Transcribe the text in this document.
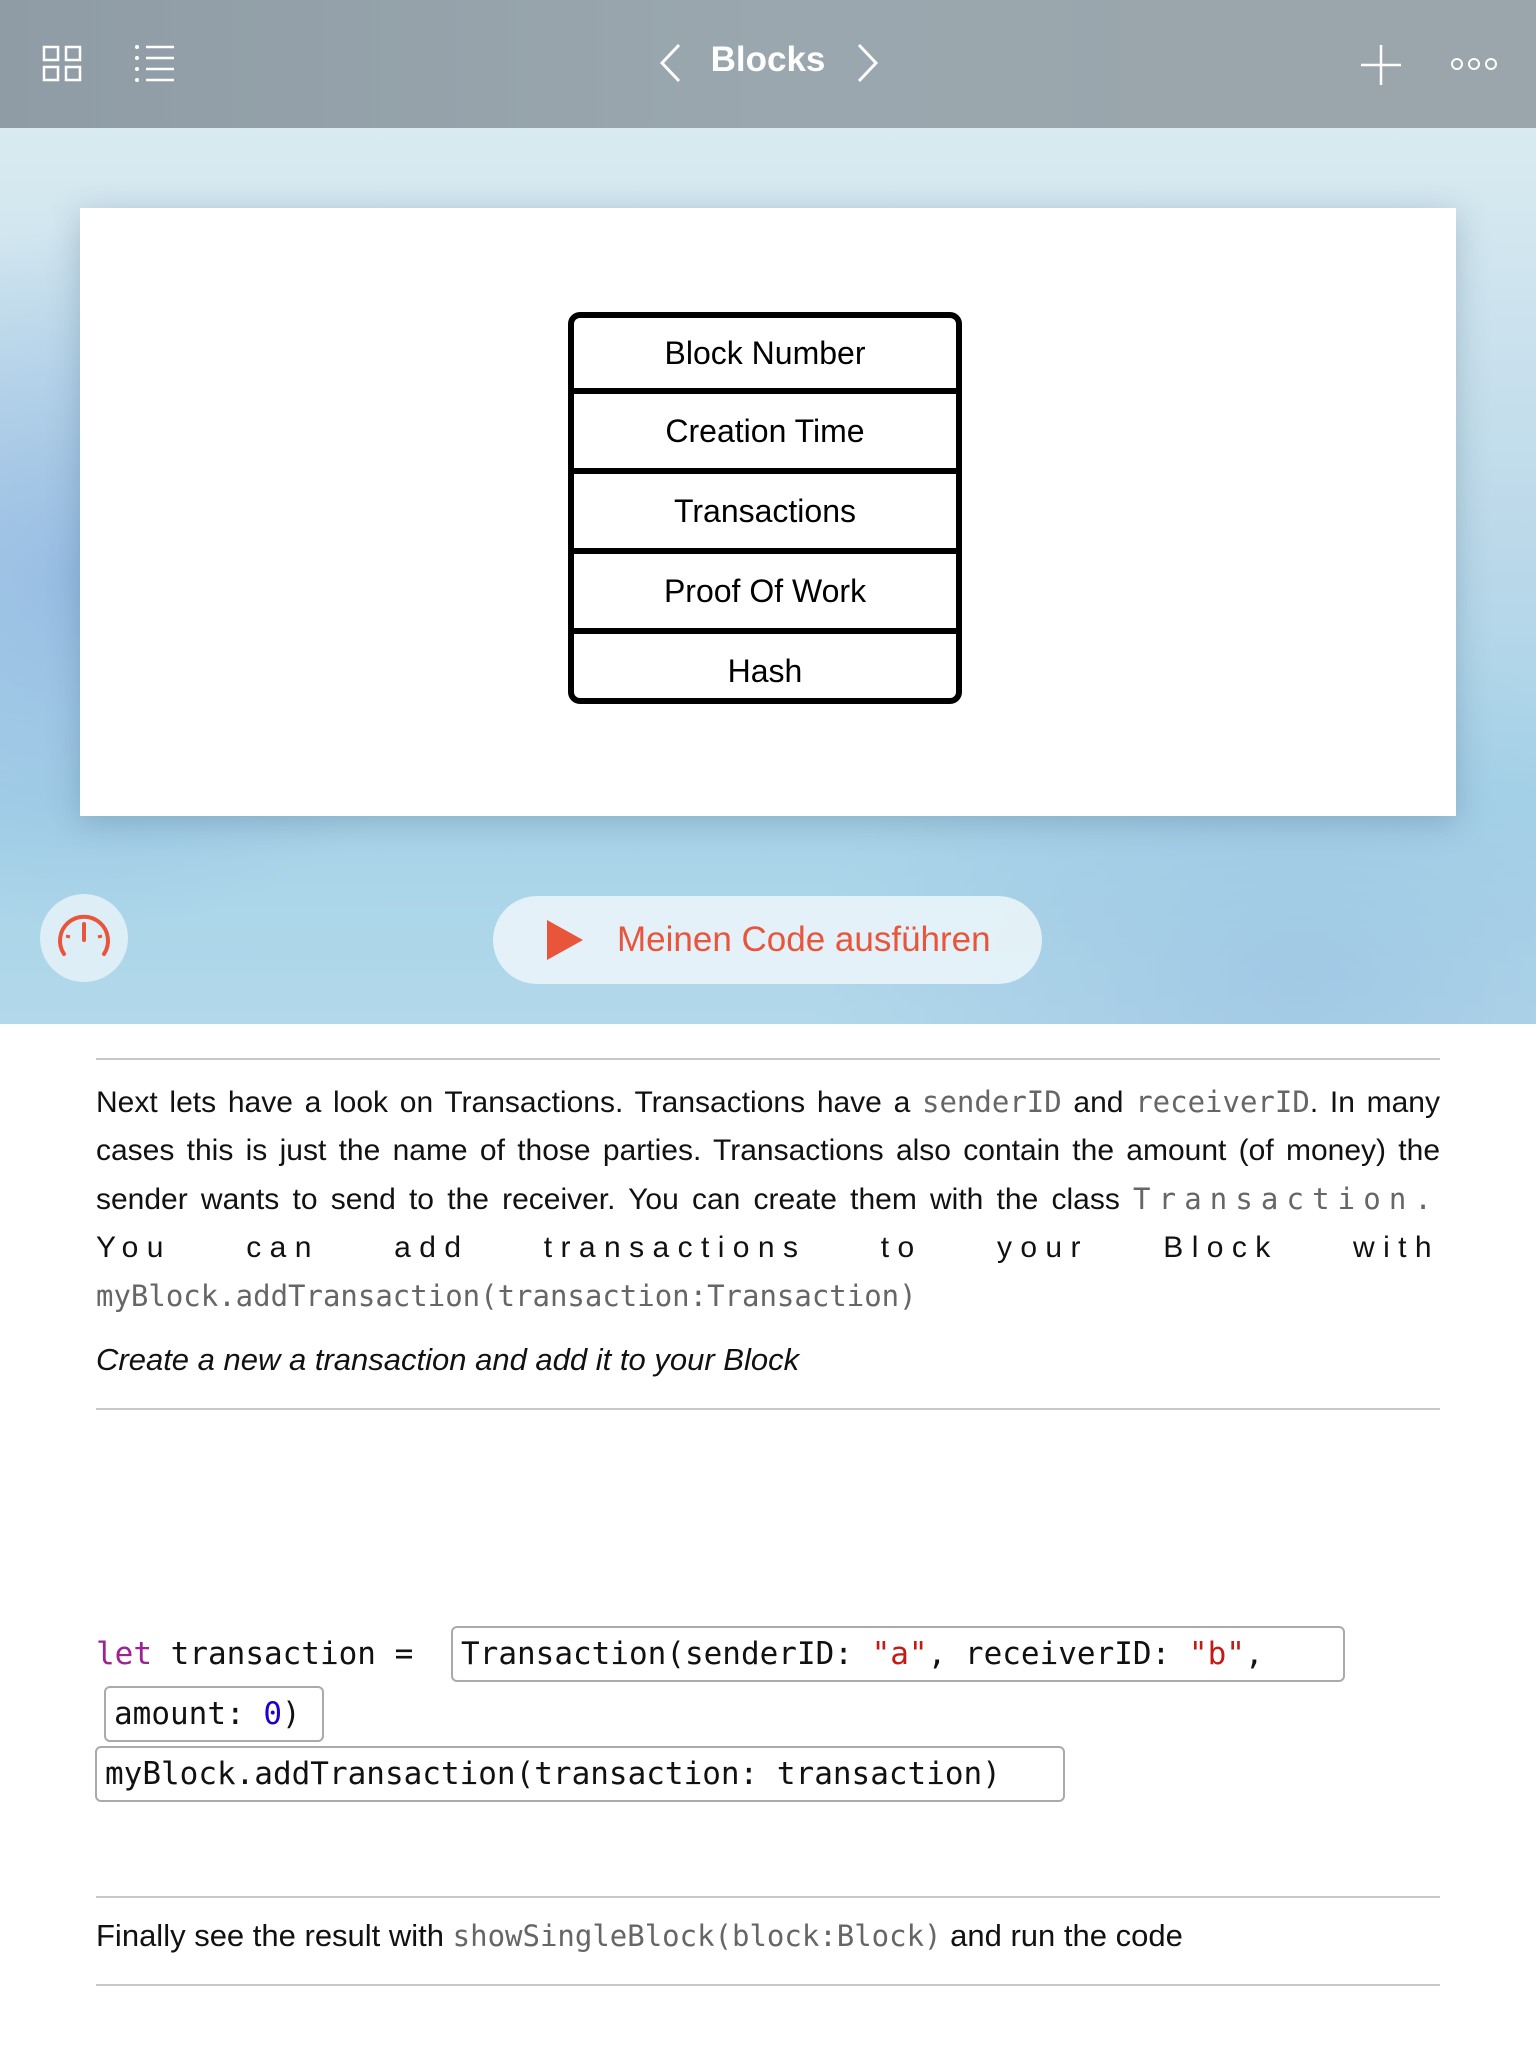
Blocks
Block Number
Creation Time
Transactions
Proof Of Work
Hash
Meinen Code ausführen
Next lets have a look on Transactions. Transactions have a senderID and receiverID. In many cases this is just the name of those parties. Transactions also contain the amount (of money) the sender wants to send to the receiver. You can create them with the class Transaction. You can add transactions to your Block with myBlock.addTransaction(transaction:Transaction)
Create a new a transaction and add it to your Block
let transaction = Transaction(senderID: "a" , receiverID: "b" ,
amount: 0 )
myBlock.addTransaction(transaction: transaction)
Finally see the result with showSingleBlock(block:Block) and run the code
